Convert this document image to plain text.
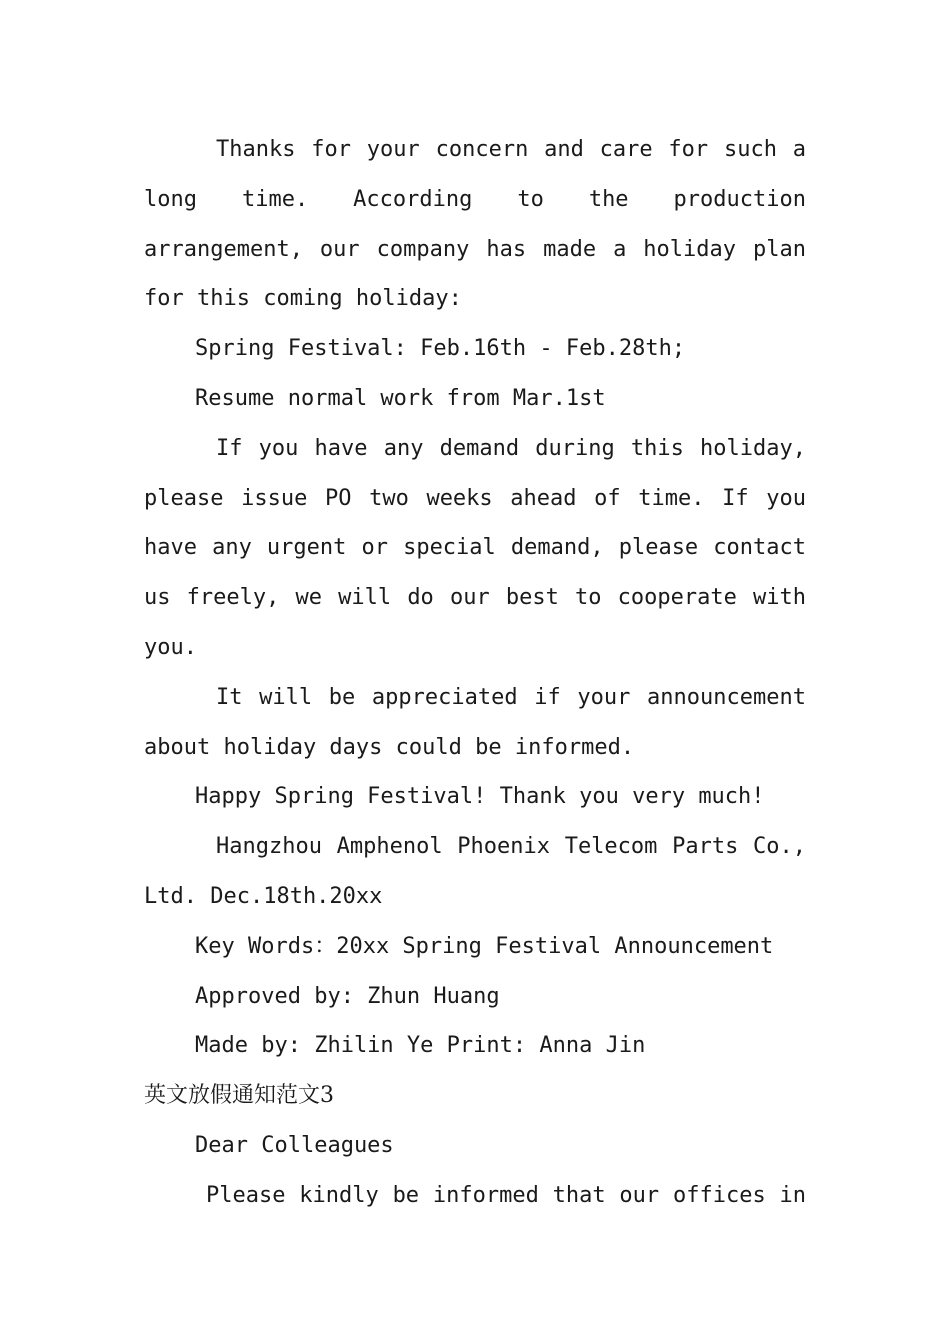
Thanks for your concern and care for such a long time. According to the production arrangement, our company has made a holiday plan for this coming holiday:

Spring Festival: Feb.16th - Feb.28th;

Resume normal work from Mar.1st

If you have any demand during this holiday, please issue PO two weeks ahead of time. If you have any urgent or special demand, please contact us freely, we will do our best to cooperate with you.

It will be appreciated if your announcement about holiday days could be informed.

Happy Spring Festival! Thank you very much!

Hangzhou Amphenol Phoenix Telecom Parts Co., Ltd. Dec.18th.20xx

Key Words：20xx Spring Festival Announcement

Approved by: Zhun Huang

Made by: Zhilin Ye Print: Anna Jin

英文放假通知范文3

Dear Colleagues

Please kindly be informed that our offices in
